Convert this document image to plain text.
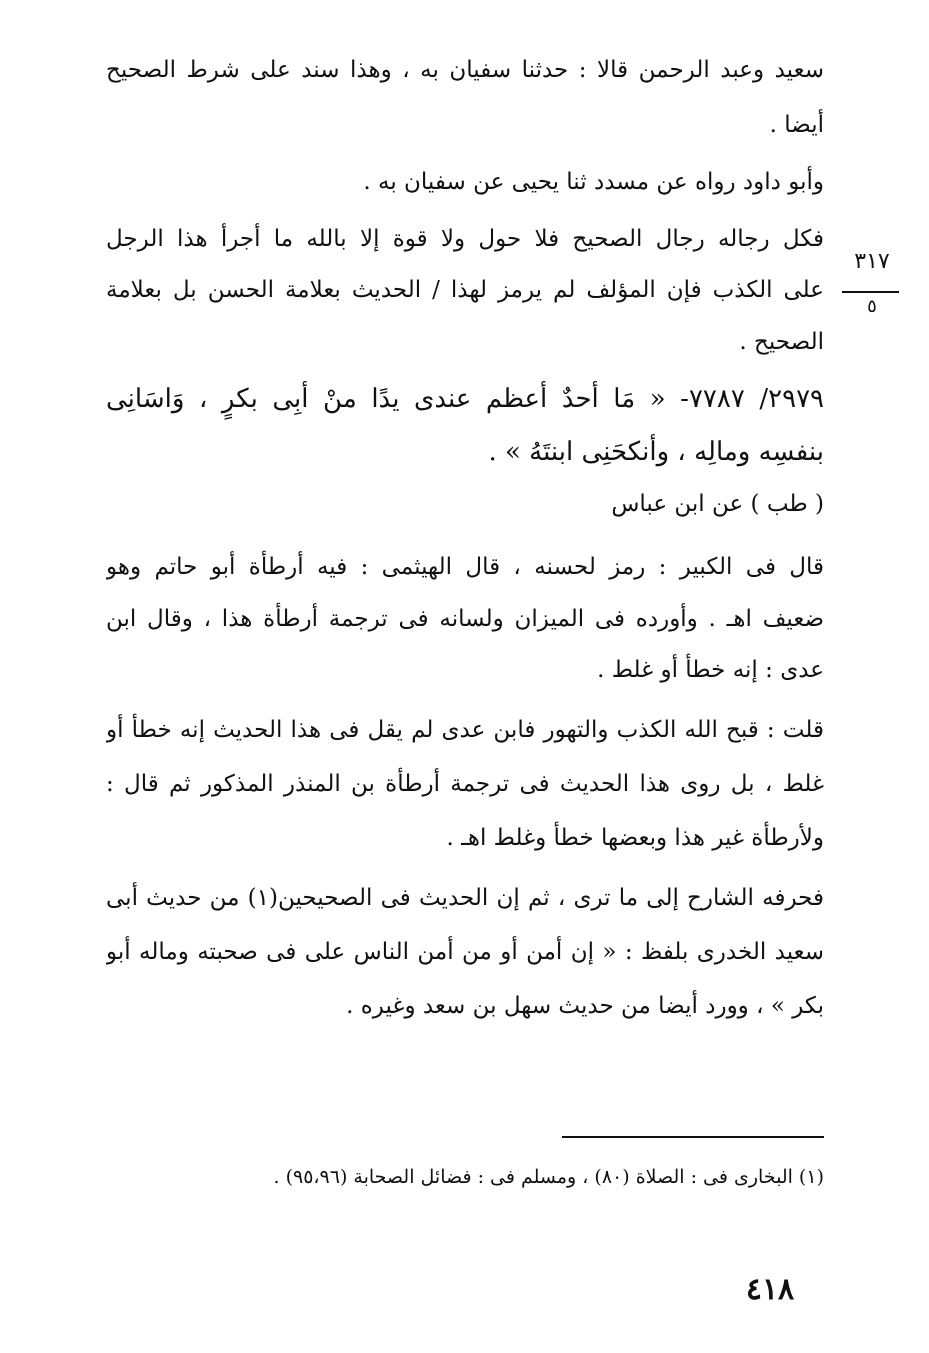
سعيد وعبد الرحمن قالا : حدثنا سفيان به ، وهذا سند على شرط الصحيح
أيضا .
وأبو داود رواه عن مسدد ثنا يحيى عن سفيان به .
فكل رجاله رجال الصحيح فلا حول ولا قوة إلا بالله ما أجرأ هذا الرجل
على الكذب فإن المؤلف لم يرمز لهذا / الحديث بعلامة الحسن بل بعلامة
الصحيح .
٢٩٧٩/ ٧٧٨٧- « مَا أحدٌ أعظم عندى يدًا منْ أَبِى بكرٍ ، وَاسَانِى
بنفسِه ومالِه ، وأنكحَنِى ابنتَهُ » .
( طب ) عن ابن عباس
قال فى الكبير : رمز لحسنه ، قال الهيثمى : فيه أرطأة أبو حاتم وهو
ضعيف اهـ . وأورده فى الميزان ولسانه فى ترجمة أرطأة هذا ، وقال ابن
عدى : إنه خطأ أو غلط .
قلت : قبح الله الكذب والتهور فابن عدى لم يقل فى هذا الحديث إنه خطأ أو
غلط ، بل روى هذا الحديث فى ترجمة أرطأة بن المنذر المذكور ثم قال :
ولأرطأة غير هذا وبعضها خطأ وغلط اهـ .
فحرفه الشارح إلى ما ترى ، ثم إن الحديث فى الصحيحين(١) من حديث أبى
سعيد الخدرى بلفظ : « إن أمن أو من أمن الناس على فى صحبته وماله أبو
بكر » ، وورد أيضا من حديث سهل بن سعد وغيره .
٣١٧
٥
(١) البخارى فى : الصلاة (٨٠) ، ومسلم فى : فضائل الصحابة (٩٥،٩٦) .
٤١٨
